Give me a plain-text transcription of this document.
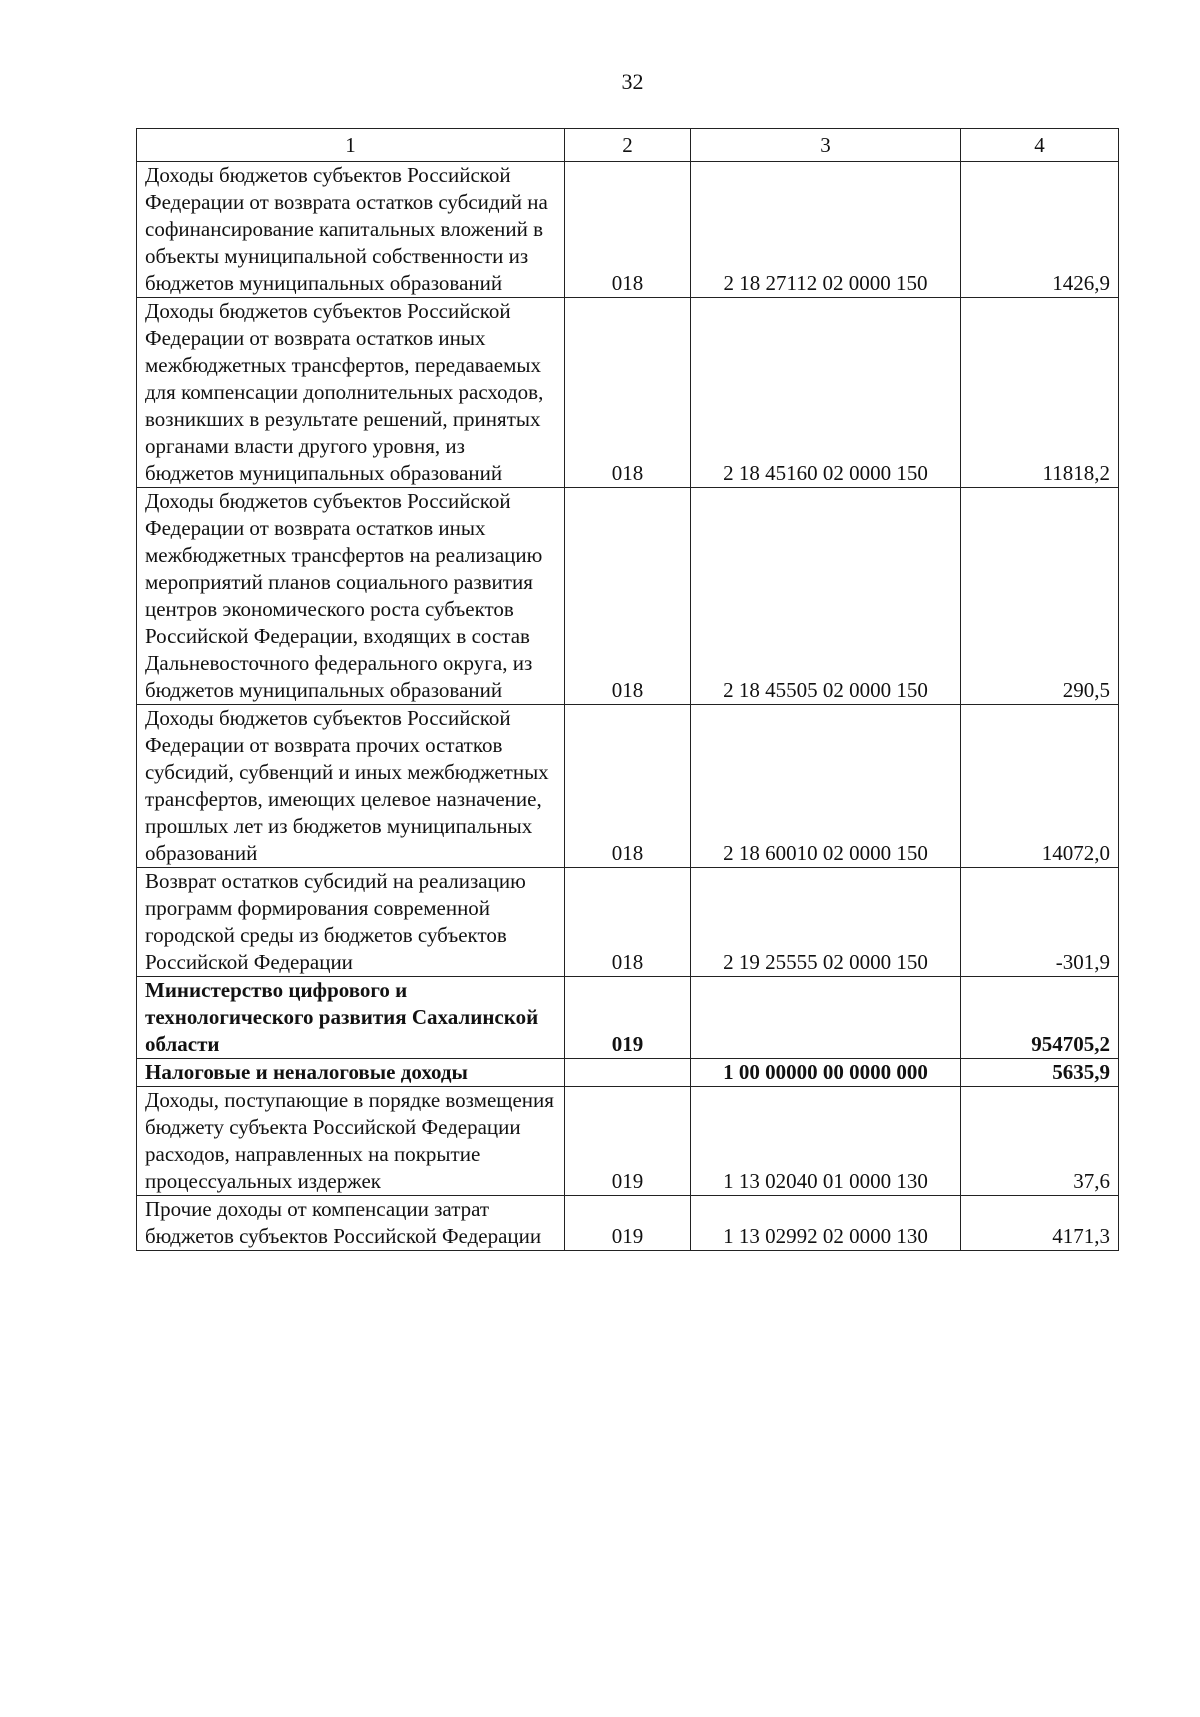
32
1	2	3	4
Доходы бюджетов субъектов Российской Федерации от возврата остатков субсидий на софинансирование капитальных вложений в объекты муниципальной собственности из бюджетов муниципальных образований	018	2 18 27112 02 0000 150	1426,9
Доходы бюджетов субъектов Российской Федерации от возврата остатков иных межбюджетных трансфертов, передаваемых для компенсации дополнительных расходов, возникших в результате решений, принятых органами власти другого уровня, из бюджетов муниципальных образований	018	2 18 45160 02 0000 150	11818,2
Доходы бюджетов субъектов Российской Федерации от возврата остатков иных межбюджетных трансфертов на реализацию мероприятий планов социального развития центров экономического роста субъектов Российской Федерации, входящих в состав Дальневосточного федерального округа, из бюджетов муниципальных образований	018	2 18 45505 02 0000 150	290,5
Доходы бюджетов субъектов Российской Федерации от возврата прочих остатков субсидий, субвенций и иных межбюджетных трансфертов, имеющих целевое назначение, прошлых лет из бюджетов муниципальных образований	018	2 18 60010 02 0000 150	14072,0
Возврат остатков субсидий на реализацию программ формирования современной городской среды из бюджетов субъектов Российской Федерации	018	2 19 25555 02 0000 150	-301,9
Министерство цифрового и технологического развития Сахалинской области	019		954705,2
Налоговые и неналоговые доходы		1 00 00000 00 0000 000	5635,9
Доходы, поступающие в порядке возмещения бюджету субъекта Российской Федерации расходов, направленных на покрытие процессуальных издержек	019	1 13 02040 01 0000 130	37,6
Прочие доходы от компенсации затрат бюджетов субъектов Российской Федерации	019	1 13 02992 02 0000 130	4171,3
